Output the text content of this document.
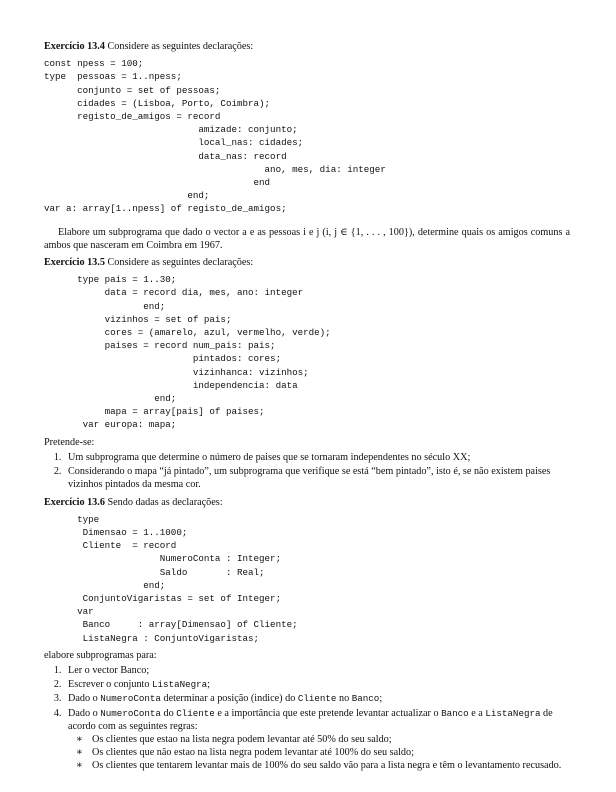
Exercício 13.4 Considere as seguintes declarações:
const npess = 100;
type  pessoas = 1..npess;
conjunto = set of pessoas;
cidades = (Lisboa, Porto, Coimbra);
registo_de_amigos = record
amizade: conjunto;
local_nas: cidades;
data_nas: record
ano, mes, dia: integer
end
end;
var a: array[1..npess] of registo_de_amigos;
Elabore um subprograma que dado o vector a e as pessoas i e j (i, j ∈ {1, . . . , 100}), determine quais os amigos comuns a ambos que nasceram em Coimbra em 1967.
Exercício 13.5 Considere as seguintes declarações:
type pais = 1..30;
data = record dia, mes, ano: integer
end;
vizinhos = set of pais;
cores = (amarelo, azul, vermelho, verde);
paises = record num_pais: pais;
pintados: cores;
vizinhanca: vizinhos;
independencia: data
end;
mapa = array[pais] of paises;
var europa: mapa;
Pretende-se:
1. Um subprograma que determine o número de paises que se tornaram independentes no século XX;
2. Considerando o mapa “já pintado”, um subprograma que verifique se está “bem pintado”, isto é, se não existem paises vizinhos pintados da mesma cor.
Exercício 13.6 Sendo dadas as declarações:
type
Dimensao = 1..1000;
Cliente  = record
NumeroConta : Integer;
Saldo       : Real;
end;
ConjuntoVigaristas = set of Integer;
var
Banco     : array[Dimensao] of Cliente;
ListaNegra : ConjuntoVigaristas;
elabore subprogramas para:
1. Ler o vector Banco;
2. Escrever o conjunto ListaNegra;
3. Dado o NumeroConta determinar a posição (indice) do Cliente no Banco;
4. Dado o NumeroConta do Cliente e a importância que este pretende levantar actualizar o Banco e a ListaNegra de acordo com as seguintes regras:
∗ Os clientes que estao na lista negra podem levantar até 50% do seu saldo;
∗ Os clientes que não estao na lista negra podem levantar até 100% do seu saldo;
∗ Os clientes que tentarem levantar mais de 100% do seu saldo vão para a lista negra e têm o levantamento recusado.
